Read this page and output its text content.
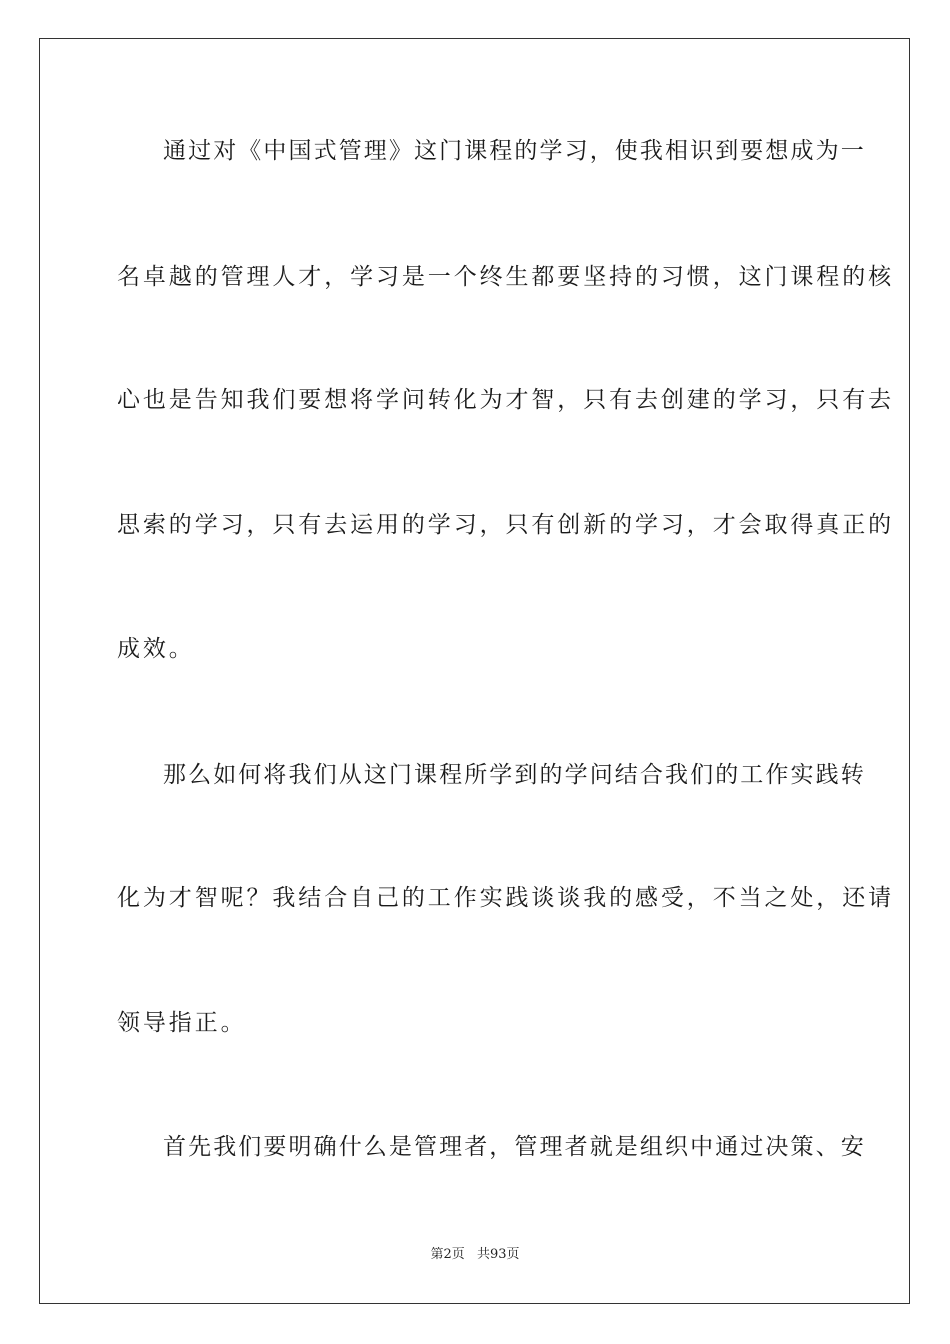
通过对《中国式管理》这门课程的学习，使我相识到要想成为一
名卓越的管理人才，学习是一个终生都要坚持的习惯，这门课程的核
心也是告知我们要想将学问转化为才智，只有去创建的学习，只有去
思索的学习，只有去运用的学习，只有创新的学习，才会取得真正的
成效。
那么如何将我们从这门课程所学到的学问结合我们的工作实践转
化为才智呢？我结合自己的工作实践谈谈我的感受，不当之处，还请
领导指正。
首先我们要明确什么是管理者，管理者就是组织中通过决策、安
第2页 共93页
